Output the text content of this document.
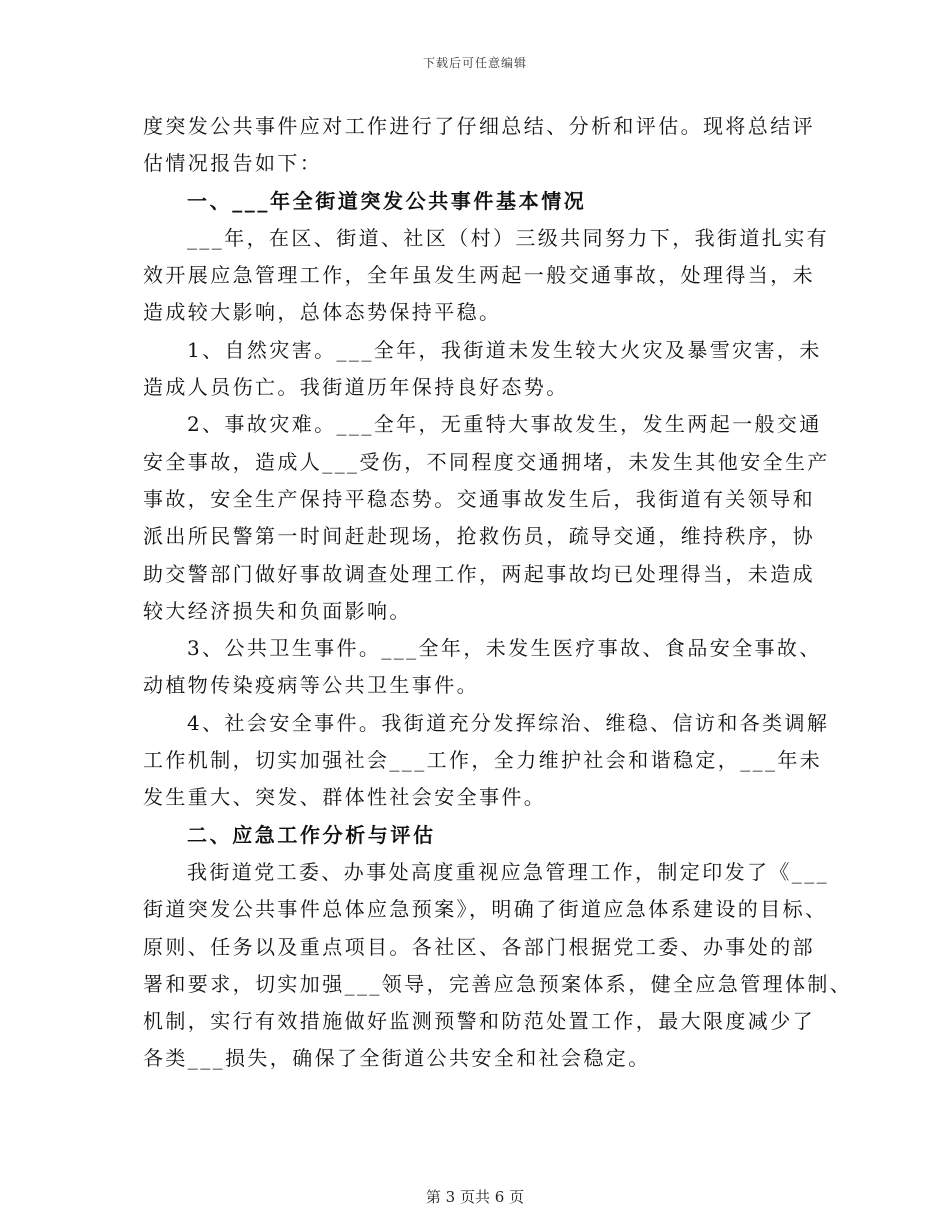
下载后可任意编辑
度突发公共事件应对工作进行了仔细总结、分析和评估。现将总结评
估情况报告如下：
一、___年全街道突发公共事件基本情况
___年，在区、街道、社区（村）三级共同努力下，我街道扎实有
效开展应急管理工作，全年虽发生两起一般交通事故，处理得当，未
造成较大影响，总体态势保持平稳。
1、自然灾害。___全年，我街道未发生较大火灾及暴雪灾害，未
造成人员伤亡。我街道历年保持良好态势。
2、事故灾难。___全年，无重特大事故发生，发生两起一般交通
安全事故，造成人___受伤，不同程度交通拥堵，未发生其他安全生产
事故，安全生产保持平稳态势。交通事故发生后，我街道有关领导和
派出所民警第一时间赶赴现场，抢救伤员，疏导交通，维持秩序，协
助交警部门做好事故调查处理工作，两起事故均已处理得当，未造成
较大经济损失和负面影响。
3、公共卫生事件。___全年，未发生医疗事故、食品安全事故、
动植物传染疫病等公共卫生事件。
4、社会安全事件。我街道充分发挥综治、维稳、信访和各类调解
工作机制，切实加强社会___工作，全力维护社会和谐稳定，___年未
发生重大、突发、群体性社会安全事件。
二、应急工作分析与评估
我街道党工委、办事处高度重视应急管理工作，制定印发了《___
街道突发公共事件总体应急预案》，明确了街道应急体系建设的目标、
原则、任务以及重点项目。各社区、各部门根据党工委、办事处的部
署和要求，切实加强___领导，完善应急预案体系，健全应急管理体制、
机制，实行有效措施做好监测预警和防范处置工作，最大限度减少了
各类___损失，确保了全街道公共安全和社会稳定。
第 3 页共 6 页
